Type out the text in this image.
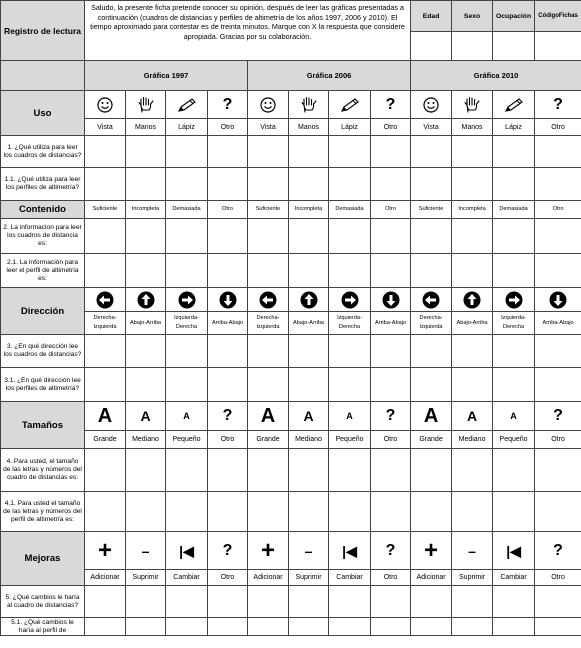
Registro de lectura	Saludo, la presente ficha pretende conocer su opinión, después de leer las gráficas presentadas a continuación (cuadros de distancias y perfiles de altimetría de los años 1997, 2006 y 2010). El tiempo aproximado para contestar es de treinta minutos. Marque con X la respuesta que considere apropiada. Gracias por su colaboración.								Edad	Sexo	Ocupación	CódigoFichas

	Gráfica 1997				Gráfica 2006				Gráfica 2010			
Uso				?				?				?
	Vista	Manos	Lápiz	Otro	Vista	Manos	Lápiz	Otro	Vista	Manos	Lápiz	Otro
1. ¿Qué utiliza para leer los cuadros de distancias?												
1.1. ¿Qué utiliza para leer los perfiles de altimetría?												
Contenido	Suficiente	Incompleta	Demasiada	Otro	Suficiente	Incompleta	Demasiada	Otro	Suficiente	Incompleta	Demasiada	Otro
2. La informacion para leer los cuadros de distancia es:												
2.1. La información para leer el perfil de altimetría es:												
Dirección												
	Derecha-Izquierda	Abajo-Arriba	Izquierda-Derecha	Arriba-Abajo	Derecha-Izquierda	Abajo-Arriba	Izquierda-Derecha	Arriba-Abajo	Derecha-Izquierda	Abajo-Arriba	Izquierda-Derecha	Arriba-Abajo
3. ¿En qué dirección lee los cuadros de distancias?												
3.1. ¿En qué dirección lee los perfiles de altimetría?												
Tamaños	A	A	A	?	A	A	A	?	A	A	A	?
	Grande	Mediano	Pequeño	Otro	Grande	Mediano	Pequeño	Otro	Grande	Mediano	Pequeño	Otro
4. Para usted, el tamaño de las letras y números del cuadro de distancias es:												
4.1. Para usted el tamaño de las letras y números del perfil de altimetría es:												
Mejoras	+	–	|◀	?	+	–	|◀	?	+	–	|◀	?
	Adicionar	Suprimir	Cambiar	Otro	Adicionar	Suprimir	Cambiar	Otro	Adicionar	Suprimir	Cambiar	Otro
5. ¿Qué cambios le haría al cuadro de distancias?												
5.1. ¿Qué cambios le haría al perfil de												
